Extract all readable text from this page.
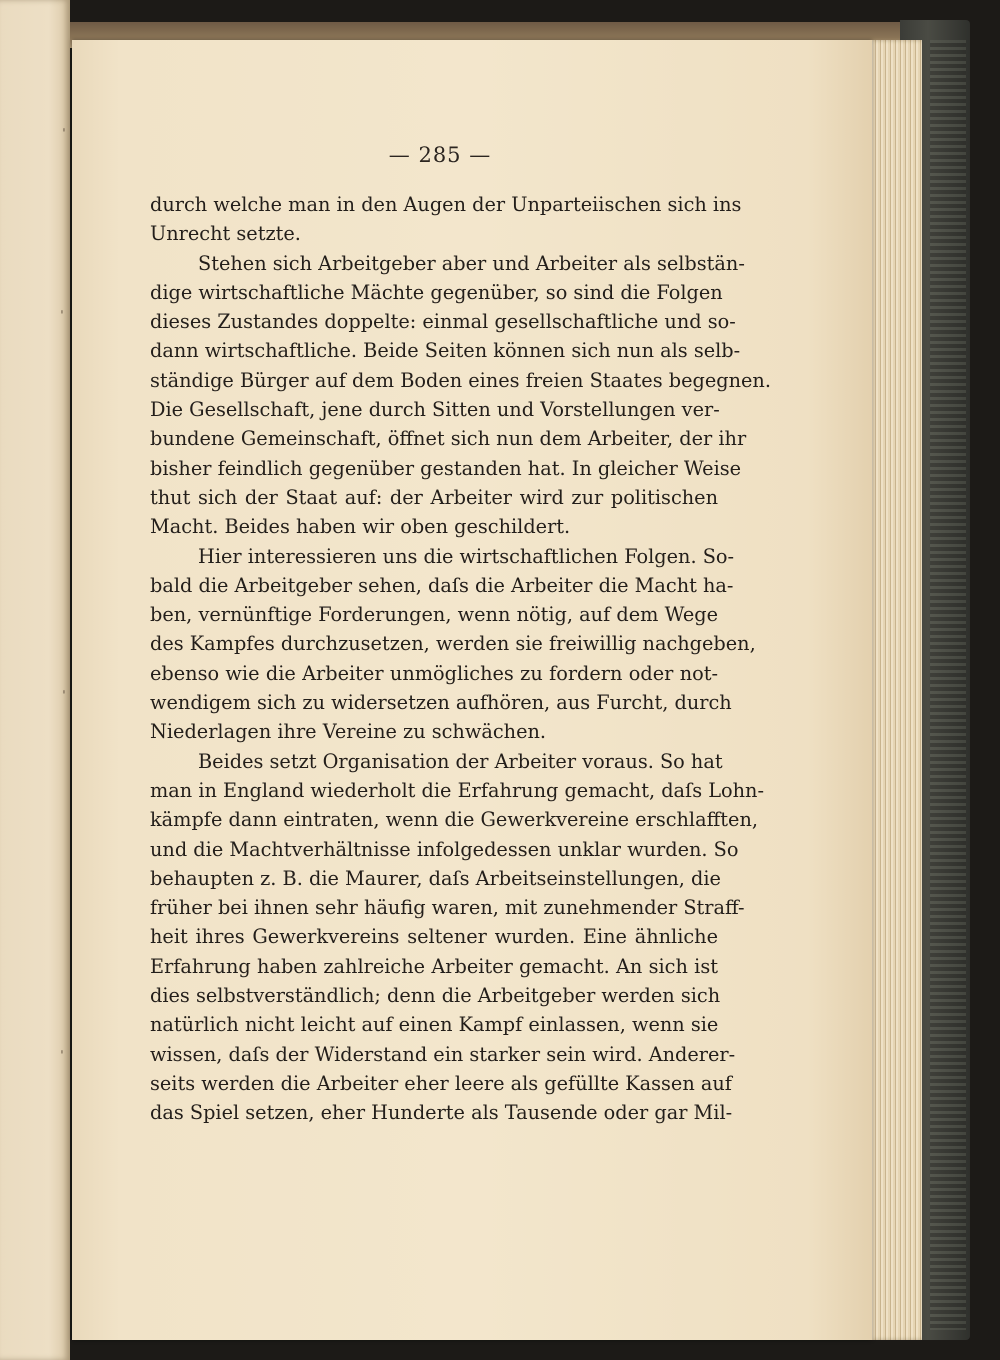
ˌ
ˌ
ˌ
ˌ
— 285 —
durch welche man in den Augen der Unparteiischen sich ins
Unrecht setzte.
Stehen sich Arbeitgeber aber und Arbeiter als selbstän-
dige wirtschaftliche Mächte gegenüber, so sind die Folgen
dieses Zustandes doppelte: einmal gesellschaftliche und so-
dann wirtschaftliche. Beide Seiten können sich nun als selb-
ständige Bürger auf dem Boden eines freien Staates begegnen.
Die Gesellschaft, jene durch Sitten und Vorstellungen ver-
bundene Gemeinschaft, öffnet sich nun dem Arbeiter, der ihr
bisher feindlich gegenüber gestanden hat. In gleicher Weise
thut sich der Staat auf: der Arbeiter wird zur politischen
Macht. Beides haben wir oben geschildert.
Hier interessieren uns die wirtschaftlichen Folgen. So-
bald die Arbeitgeber sehen, daſs die Arbeiter die Macht ha-
ben, vernünftige Forderungen, wenn nötig, auf dem Wege
des Kampfes durchzusetzen, werden sie freiwillig nachgeben,
ebenso wie die Arbeiter unmögliches zu fordern oder not-
wendigem sich zu widersetzen aufhören, aus Furcht, durch
Niederlagen ihre Vereine zu schwächen.
Beides setzt Organisation der Arbeiter voraus. So hat
man in England wiederholt die Erfahrung gemacht, daſs Lohn-
kämpfe dann eintraten, wenn die Gewerkvereine erschlafften,
und die Machtverhältnisse infolgedessen unklar wurden. So
behaupten z. B. die Maurer, daſs Arbeitseinstellungen, die
früher bei ihnen sehr häufig waren, mit zunehmender Straff-
heit ihres Gewerkvereins seltener wurden. Eine ähnliche
Erfahrung haben zahlreiche Arbeiter gemacht. An sich ist
dies selbstverständlich; denn die Arbeitgeber werden sich
natürlich nicht leicht auf einen Kampf einlassen, wenn sie
wissen, daſs der Widerstand ein starker sein wird. Anderer-
seits werden die Arbeiter eher leere als gefüllte Kassen auf
das Spiel setzen, eher Hunderte als Tausende oder gar Mil-
